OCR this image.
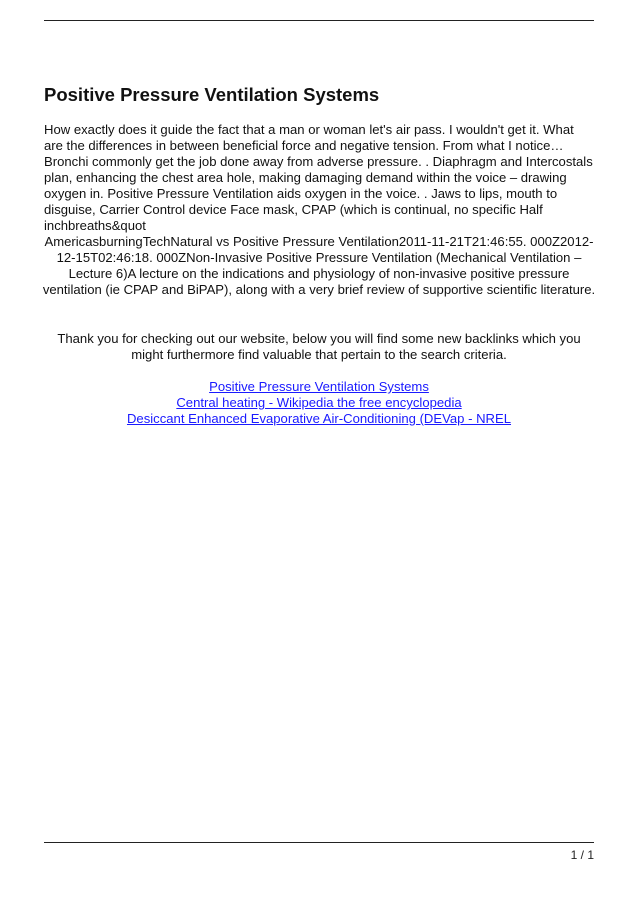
Positive Pressure Ventilation Systems

How exactly does it guide the fact that a man or woman let's air pass. I wouldn't get it. What are the differences in between beneficial force and negative tension. From what I notice… Bronchi commonly get the job done away from adverse pressure. . Diaphragm and Intercostals plan, enhancing the chest area hole, making damaging demand within the voice – drawing oxygen in. Positive Pressure Ventilation aids oxygen in the voice. . Jaws to lips, mouth to disguise, Carrier Control device Face mask, CPAP (which is continual, no specific Half inchbreaths&quot

AmericasburningTechNatural vs Positive Pressure Ventilation2011-11-21T21:46:55. 000Z2012-12-15T02:46:18. 000ZNon-Invasive Positive Pressure Ventilation (Mechanical Ventilation – Lecture 6)A lecture on the indications and physiology of non-invasive positive pressure ventilation (ie CPAP and BiPAP), along with a very brief review of supportive scientific literature.

Thank you for checking out our website, below you will find some new backlinks which you might furthermore find valuable that pertain to the search criteria.

Positive Pressure Ventilation Systems
Central heating - Wikipedia the free encyclopedia
Desiccant Enhanced Evaporative Air-Conditioning (DEVap - NREL
1 / 1
